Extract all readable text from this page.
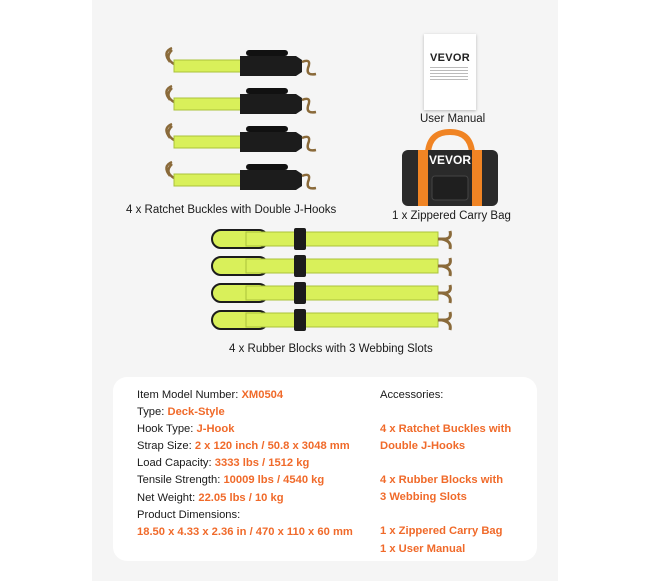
4 x Ratchet Buckles with Double J-Hooks
VEVOR
User Manual
VEVOR
1 x Zippered Carry Bag
4 x Rubber Blocks with 3 Webbing Slots
Item Model Number: XM0504
Type: Deck-Style
Hook Type: J-Hook
Strap Size: 2 x 120 inch / 50.8 x 3048 mm
Load Capacity: 3333 lbs / 1512 kg
Tensile Strength: 10009 lbs / 4540 kg
Net Weight: 22.05 lbs / 10 kg
Product Dimensions:
18.50 x 4.33 x 2.36 in / 470 x 110 x 60 mm
Accessories:
4 x Ratchet Buckles with
Double J-Hooks
4 x Rubber Blocks with
3 Webbing Slots
1 x Zippered Carry Bag
1 x User Manual
